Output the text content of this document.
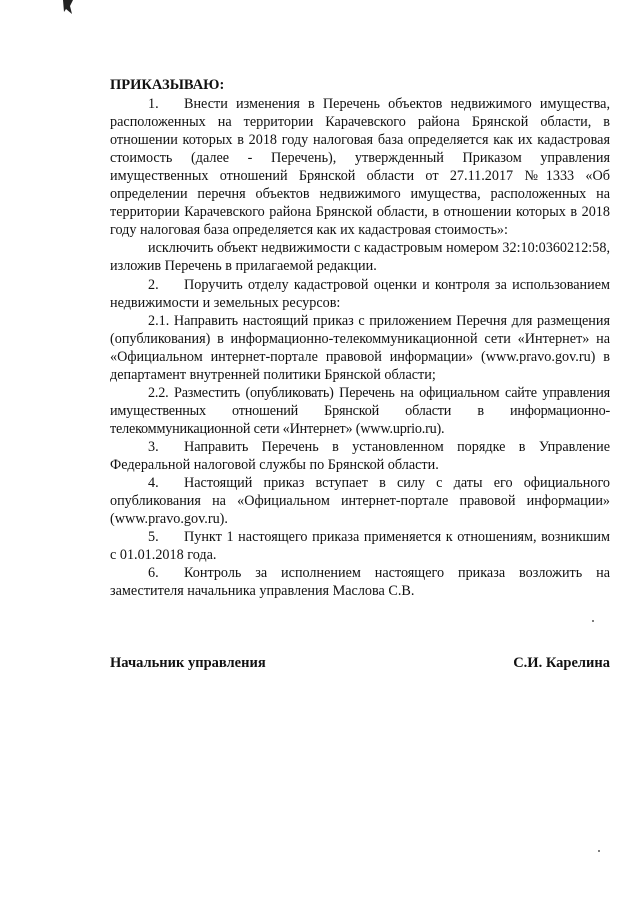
ПРИКАЗЫВАЮ:

1. Внести изменения в Перечень объектов недвижимого имущества, расположенных на территории Карачевского района Брянской области, в отношении которых в 2018 году налоговая база определяется как их кадастровая стоимость (далее - Перечень), утвержденный Приказом управления имущественных отношений Брянской области от 27.11.2017 №1333 «Об определении перечня объектов недвижимого имущества, расположенных на территории Карачевского района Брянской области, в отношении которых в 2018 году налоговая база определяется как их кадастровая стоимость»:

исключить объект недвижимости с кадастровым номером 32:10:0360212:58, изложив Перечень в прилагаемой редакции.

2. Поручить отделу кадастровой оценки и контроля за использованием недвижимости и земельных ресурсов:

2.1. Направить настоящий приказ с приложением Перечня для размещения (опубликования) в информационно-телекоммуникационной сети «Интернет» на «Официальном интернет-портале правовой информации» (www.pravo.gov.ru) в департамент внутренней политики Брянской области;

2.2. Разместить (опубликовать) Перечень на официальном сайте управления имущественных отношений Брянской области в информационно-телекоммуникационной сети «Интернет» (www.uprio.ru).

3. Направить Перечень в установленном порядке в Управление Федеральной налоговой службы по Брянской области.

4. Настоящий приказ вступает в силу с даты его официального опубликования на «Официальном интернет-портале правовой информации» (www.pravo.gov.ru).

5. Пункт 1 настоящего приказа применяется к отношениям, возникшим с 01.01.2018 года.

6. Контроль за исполнением настоящего приказа возложить на заместителя начальника управления Маслова С.В.

Начальник управления	С.И. Карелина
